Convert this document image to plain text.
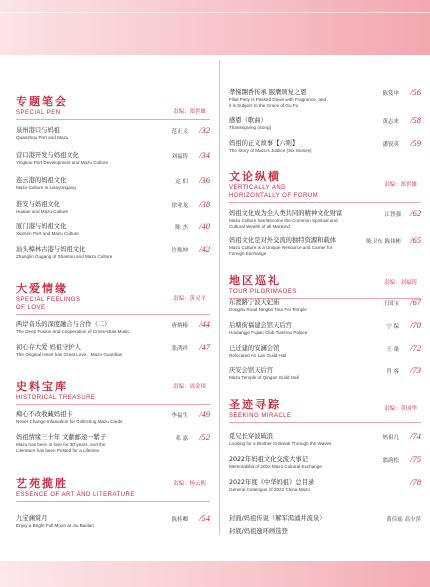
专题笔会
SPECIAL PEN	责编：郑世雄
泉州港口与妈祖
Quanzhou Port and Mazu
范正义 /32
营口港开发与妈祖文化
Yingkou Port Development and Mazu Culture
刘福铸 /34
连云港的妈祖文化
Mazu Culture in Lianyungang
定 伯 /36
淮安与妈祖文化
Huaian and Mazu Culture
徐业龙 /38
厦门港与妈祖文化
Xiamen Port and Mazu Culture
陈 杰 /40
汕头樟林古港与妈祖文化
Zhanglin Gugang of Shantou and Mazu Culture
许焕坤 /42
大爱情缘
SPECIAL FEELINGS
OF LOVE
责编：黄灵平
两岸音乐的深度融合与合作（二）
The Deep Fusion and Cooperation of Cross-strait Music
唐炳椿 /44
初心存大爱 妈祖守护人
The Original Heart has Great Love，Mazu Guardian
张鸿祥 /47
史料宝库
HISTORICAL TREASURE
责编：周金琰
痴心不改收藏妈祖卡
Never Change Infatuation for Collecting Mazu Cards
李福生 /49
妈祖情缘三十年 文献邮递一紫子
Mazu has been in love for 30 years, and the
Literature has been Posted for a Lifetime
邓 嘉 /52
艺苑揽胜
ESSENCE OF ART AND LITERATURE
责编：杨云熙
九宝澜赏月
Enjoy a Bright Full Moon at Jiu Baolan
陈桂卿 /54
孝悌翾香传承 服膺颂复之恩
Filial Piety is Passed Down with Fragrance, and
it is Subject to the Grace of Gu Fu
陈笈申 /56
感恩（歌曲）
Thanksgiving (Song)
黄志来 /58
妈祖的正义故事【六则】
The Story of Mazu's Justice (Six Stories)
潘锐英 /59
文论纵横
VERTICALLY AND
HORIZONTALLY OF FORUM
责编：郑世雄
妈祖文化成为全人类共同的精神文化财富
Mazu Culture has Become the Common Spiritual and
Cultural Wealth of all Mankind
江智强 /62
妈祖文化是对外交流的独特资源和载体
Mazu Culture is a Unique Resource and Carrier for
Foreign Exchange
陈卫东 陈伟彬 /65
地区巡礼
TOUR PILGRIMAGES
责编：刘福铸
东渡路宁波天妃庙
Dongdu Road Ningbo Tian Fei Temple
王国宝 /67
后塘街福建会馆天后宫
Houtangje Fujian Club Tianhou Palace
宁 保 /70
已迁建的安澜会馆
Relocated An Lan Guild Hall
王 菓 /72
庆安会馆天后宫
Mazu Temple of Qingan Guild Hall
肖 客 /73
圣迹寻踪
SEEKING MIRACLE
责编：黄国华
觅兄长穿波破浪
Looking for a Brother to Break Through the Waves
妈祖几 /74
2022年妈祖文化交流大事记
Memorabilia of 2022 Mazu Cultural Exchange
翦韵松 /75
2022年度《中华妈祖》总目录
General Catalogue of 2022 China Mazu
/78
封面/妈祖传说（解军渴涌井流泉）	黄佳瑶 高少萍
封底/妈祖逸环画选登
